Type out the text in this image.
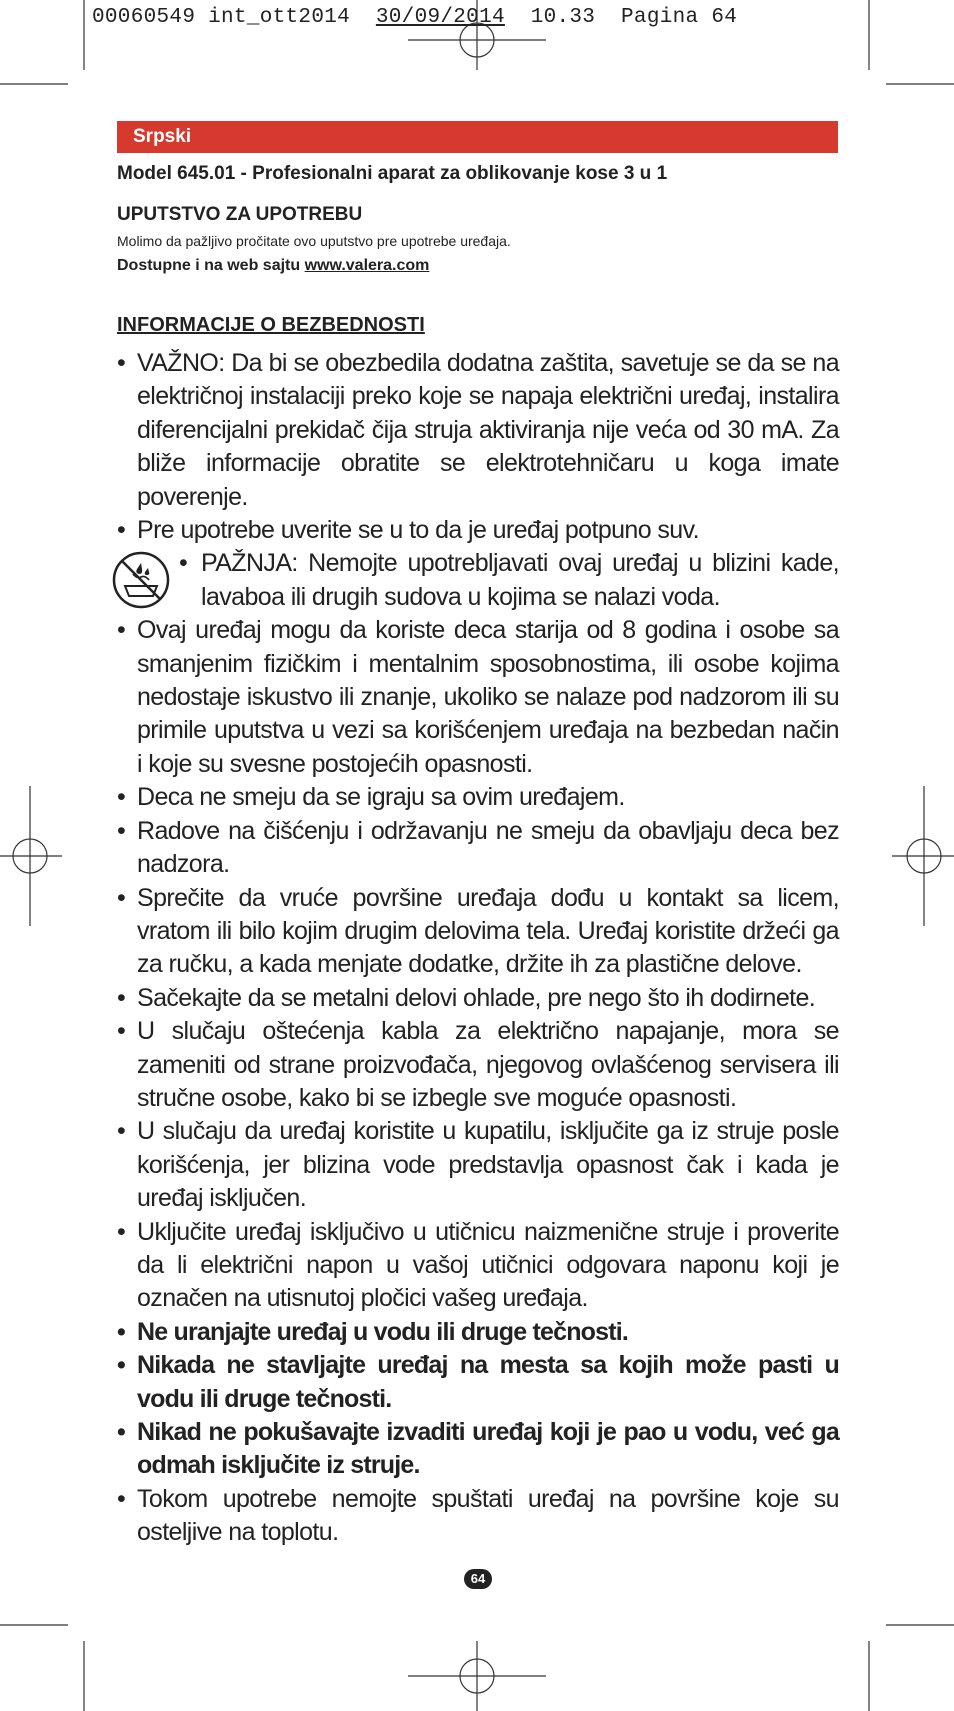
00060549 int_ott2014 30/09/2014 10.33 Pagina 64
Srpski
Model 645.01 - Profesionalni aparat za oblikovanje kose 3 u 1
UPUTSTVO ZA UPOTREBU
Molimo da pažljivo pročitate ovo uputstvo pre upotrebe uređaja.
Dostupne i na web sajtu www.valera.com
INFORMACIJE O BEZBEDNOSTI
• VAŽNO: Da bi se obezbedila dodatna zaštita, savetuje se da se na električnoj instalaciji preko koje se napaja električni uređaj, instalira diferencijalni prekidač čija struja aktiviranja nije veća od 30 mA. Za bliže informacije obratite se elektrotehničaru u koga imate poverenje.
• Pre upotrebe uverite se u to da je uređaj potpuno suv.
• PAŽNJA: Nemojte upotrebljavati ovaj uređaj u blizini kade, lavaboa ili drugih sudova u kojima se nalazi voda.
• Ovaj uređaj mogu da koriste deca starija od 8 godina i osobe sa smanjenim fizičkim i mentalnim sposobnostima, ili osobe kojima nedostaje iskustvo ili znanje, ukoliko se nalaze pod nadzorom ili su primile uputstva u vezi sa korišćenjem uređaja na bezbedan način i koje su svesne postojećih opasnosti.
• Deca ne smeju da se igraju sa ovim uređajem.
• Radove na čišćenju i održavanju ne smeju da obavljaju deca bez nadzora.
• Sprečite da vruće površine uređaja dođu u kontakt sa licem, vratom ili bilo kojim drugim delovima tela. Uređaj koristite držeći ga za ručku, a kada menjate dodatke, držite ih za plastične delove.
• Sačekajte da se metalni delovi ohlade, pre nego što ih dodirnete.
• U slučaju oštećenja kabla za električno napajanje, mora se zameniti od strane proizvođača, njegovog ovlašćenog servisera ili stručne osobe, kako bi se izbegle sve moguće opasnosti.
• U slučaju da uređaj koristite u kupatilu, isključite ga iz struje posle korišćenja, jer blizina vode predstavlja opasnost čak i kada je uređaj isključen.
• Uključite uređaj isključivo u utičnicu naizmenične struje i proverite da li električni napon u vašoj utičnici odgovara naponu koji je označen na utisnutoj pločici vašeg uređaja.
• Ne uranjajte uređaj u vodu ili druge tečnosti.
• Nikada ne stavljajte uređaj na mesta sa kojih može pasti u vodu ili druge tečnosti.
• Nikad ne pokušavajte izvaditi uređaj koji je pao u vodu, već ga odmah isključite iz struje.
• Tokom upotrebe nemojte spuštati uređaj na površine koje su osteljive na toplotu.
64
